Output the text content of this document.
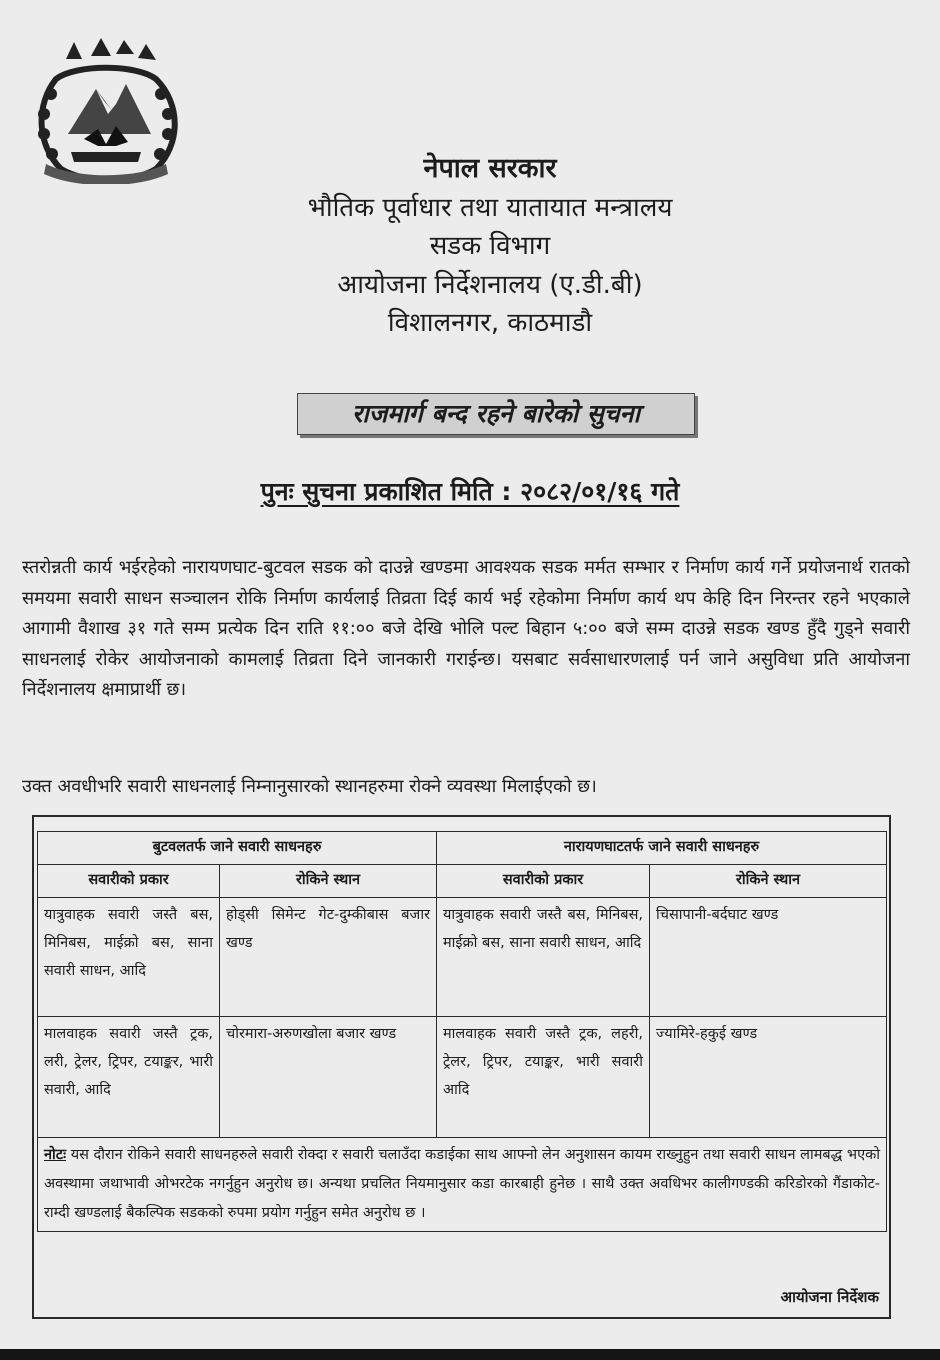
नेपाल सरकार
भौतिक पूर्वाधार तथा यातायात मन्त्रालय
सडक विभाग
आयोजना निर्देशनालय (ए.डी.बी)
विशालनगर, काठमाडौ
राजमार्ग बन्द रहने बारेको सुचना
पुनः सुचना प्रकाशित मिति : २०८२/०१/१६ गते
स्तरोन्नती कार्य भईरहेको नारायणघाट-बुटवल सडक को दाउन्ने खण्डमा आवश्यक सडक मर्मत सम्भार र निर्माण कार्य गर्ने प्रयोजनार्थ रातको समयमा सवारी साधन सञ्चालन रोकि निर्माण कार्यलाई तिव्रता दिई कार्य भई रहेकोमा निर्माण कार्य थप केहि दिन निरन्तर रहने भएकाले आगामी वैशाख ३१ गते सम्म प्रत्येक दिन राति ११:०० बजे देखि भोलि पल्ट बिहान ५:०० बजे सम्म दाउन्ने सडक खण्ड हुँदै गुड्ने सवारी साधनलाई रोकेर आयोजनाको कामलाई तिव्रता दिने जानकारी गराईन्छ। यसबाट सर्वसाधारणलाई पर्न जाने असुविधा प्रति आयोजना निर्देशनालय क्षमाप्रार्थी छ।
उक्त अवधीभरि सवारी साधनलाई निम्नानुसारको स्थानहरुमा रोक्ने व्यवस्था मिलाईएको छ।
बुटवलतर्फ जाने सवारी साधनहरु		नारायणघाटतर्फ जाने सवारी साधनहरु	
सवारीको प्रकार	रोकिने स्थान	सवारीको प्रकार	रोकिने स्थान
यात्रुवाहक सवारी जस्तै बस, मिनिबस, माईक्रो बस, साना सवारी साधन, आदि	होड्सी सिमेन्ट गेट-दुम्कीबास बजार खण्ड	यात्रुवाहक सवारी जस्तै बस, मिनिबस, माईक्रो बस, साना सवारी साधन, आदि	चिसापानी-बर्दघाट खण्ड
मालवाहक सवारी जस्तै ट्रक, लरी, ट्रेलर, ट्रिपर, टयाङ्कर, भारी सवारी, आदि	चोरमारा-अरुणखोला बजार खण्ड	मालवाहक सवारी जस्तै ट्रक, लहरी, ट्रेलर, ट्रिपर, टयाङ्कर, भारी सवारी आदि	ज्यामिरे-हकुई खण्ड
नोटः यस दौरान रोकिने सवारी साधनहरुले सवारी रोक्दा र सवारी चलाउँदा कडाईका साथ आफ्नो लेन अनुशासन कायम राख्नुहुन तथा सवारी साधन लामबद्ध भएको अवस्थामा जथाभावी ओभरटेक नगर्नुहुन अनुरोध छ। अन्यथा प्रचलित नियमानुसार कडा कारबाही हुनेछ । साथै उक्त अवधिभर कालीगण्डकी करिडोरको गैंडाकोट-राम्दी खण्डलाई बैकल्पिक सडकको रुपमा प्रयोग गर्नुहुन समेत अनुरोध छ ।			
आयोजना निर्देशक
